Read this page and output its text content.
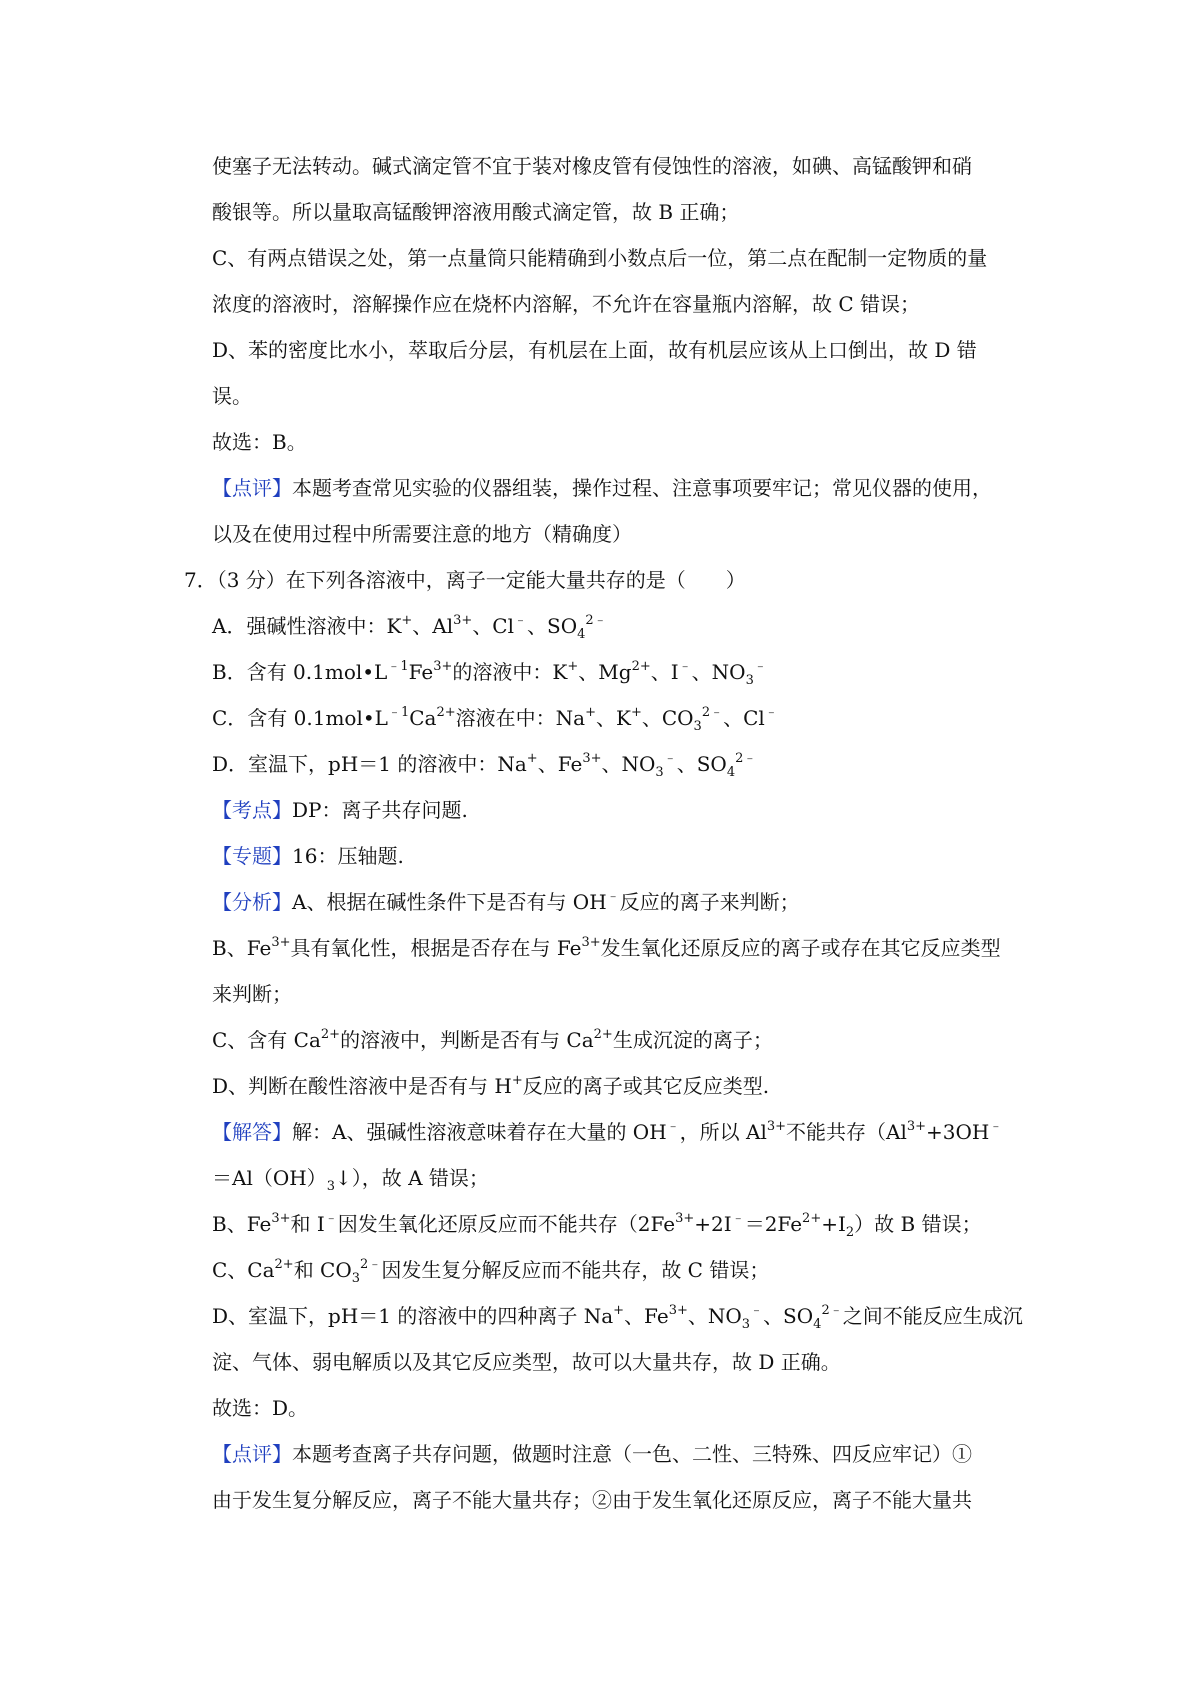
使塞子无法转动。碱式滴定管不宜于装对橡皮管有侵蚀性的溶液，如碘、高锰酸钾和硝
酸银等。所以量取高锰酸钾溶液用酸式滴定管，故 B 正确；
C、有两点错误之处，第一点量筒只能精确到小数点后一位，第二点在配制一定物质的量
浓度的溶液时，溶解操作应在烧杯内溶解，不允许在容量瓶内溶解，故 C 错误；
D、苯的密度比水小，萃取后分层，有机层在上面，故有机层应该从上口倒出，故 D 错
误。
故选：B。
【点评】本题考查常见实验的仪器组装，操作过程、注意事项要牢记；常见仪器的使用，
以及在使用过程中所需要注意的地方（精确度）
7．（3 分）在下列各溶液中，离子一定能大量共存的是（　　）
A．强碱性溶液中：K+、$Al^{3+}$、Cl﹣、$SO_4^{2﹣}$
B．含有 $0.1mol•L^{﹣1}Fe^{3+}$的溶液中：K+、$Mg^{2+}$、I﹣、$NO_3^﹣$
C．含有 $0.1mol•L^{﹣1}Ca^{2+}$溶液在中：Na+、K+、$CO_3^{2﹣}$、Cl﹣
D．室温下，pH＝1 的溶液中：Na+、$Fe^{3+}$、$NO_3^﹣$、$SO_4^{2﹣}$
【考点】DP：离子共存问题.
【专题】16：压轴题.
【分析】A、根据在碱性条件下是否有与 OH﹣反应的离子来判断；
B、$Fe^{3+}$具有氧化性，根据是否存在与 $Fe^{3+}$发生氧化还原反应的离子或存在其它反应类型
来判断；
C、含有 $Ca^{2+}$的溶液中，判断是否有与 $Ca^{2+}$生成沉淀的离子；
D、判断在酸性溶液中是否有与 H+反应的离子或其它反应类型.
【解答】解：A、强碱性溶液意味着存在大量的 OH﹣，所以 $Al^{3+}$不能共存（$Al^{3+}+3OH^﹣$
$=Al(OH)_3↓$），故 A 错误；
B、$Fe^{3+}$和 I﹣因发生氧化还原反应而不能共存$(2Fe^{3+}+2I^﹣=2Fe^{2+}+I_2)$故 B 错误；
C、$Ca^{2+}$和 $CO_3^{2﹣}$因发生复分解反应而不能共存，故 C 错误；
D、室温下，pH＝1 的溶液中的四种离子 Na+、$Fe^{3+}$、$NO_3^﹣$、$SO_4^{2﹣}$之间不能反应生成沉
淀、气体、弱电解质以及其它反应类型，故可以大量共存，故 D 正确。
故选：D。
【点评】本题考查离子共存问题，做题时注意（一色、二性、三特殊、四反应牢记）①
由于发生复分解反应，离子不能大量共存；②由于发生氧化还原反应，离子不能大量共
